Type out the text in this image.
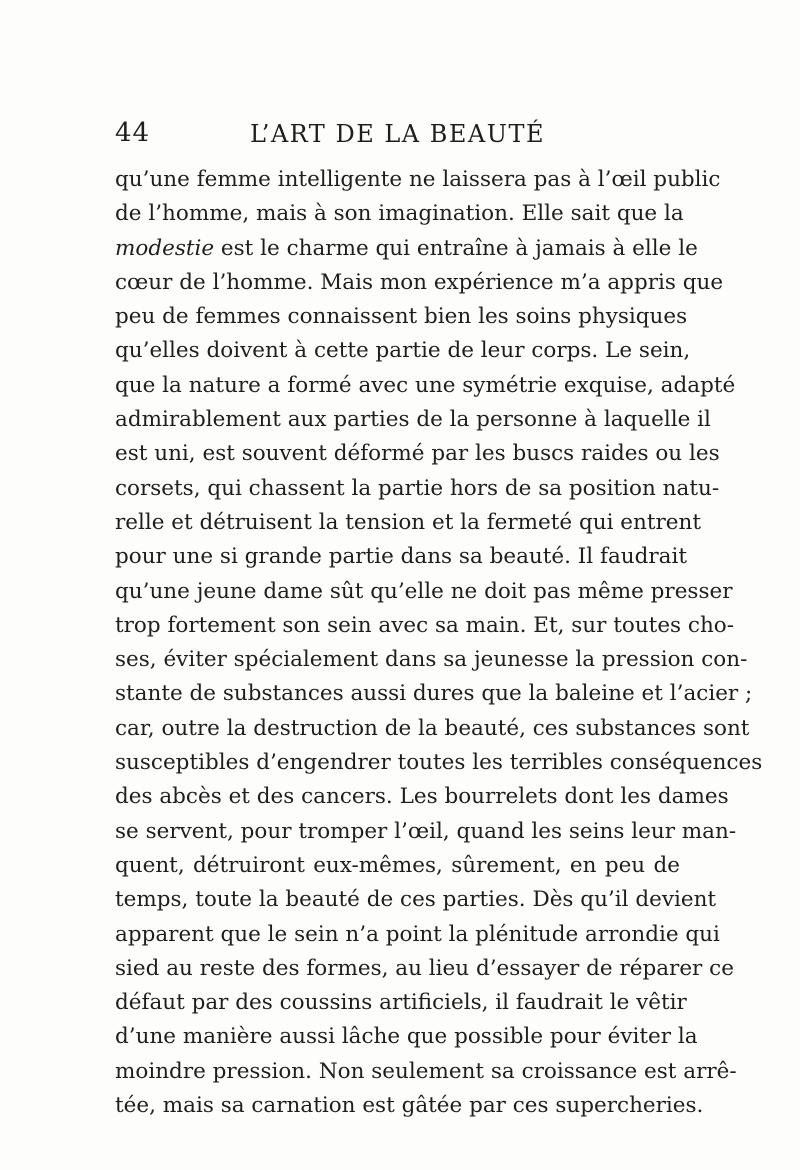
44	L’ART DE LA BEAUTÉ
qu’une femme intelligente ne laissera pas à l’œil public
de l’homme, mais à son imagination. Elle sait que la
modestie est le charme qui entraîne à jamais à elle le
cœur de l’homme. Mais mon expérience m’a appris que
peu de femmes connaissent bien les soins physiques
qu’elles doivent à cette partie de leur corps. Le sein,
que la nature a formé avec une symétrie exquise, adapté
admirablement aux parties de la personne à laquelle il
est uni, est souvent déformé par les buscs raides ou les
corsets, qui chassent la partie hors de sa position natu-
relle et détruisent la tension et la fermeté qui entrent
pour une si grande partie dans sa beauté. Il faudrait
qu’une jeune dame sût qu’elle ne doit pas même presser
trop fortement son sein avec sa main. Et, sur toutes cho-
ses, éviter spécialement dans sa jeunesse la pression con-
stante de substances aussi dures que la baleine et l’acier ;
car, outre la destruction de la beauté, ces substances sont
susceptibles d’engendrer toutes les terribles conséquences
des abcès et des cancers. Les bourrelets dont les dames
se servent, pour tromper l’œil, quand les seins leur man-
quent, détruiront eux-mêmes, sûrement, en peu de
temps, toute la beauté de ces parties. Dès qu’il devient
apparent que le sein n’a point la plénitude arrondie qui
sied au reste des formes, au lieu d’essayer de réparer ce
défaut par des coussins artificiels, il faudrait le vêtir
d’une manière aussi lâche que possible pour éviter la
moindre pression. Non seulement sa croissance est arrê-
tée, mais sa carnation est gâtée par ces supercheries.
